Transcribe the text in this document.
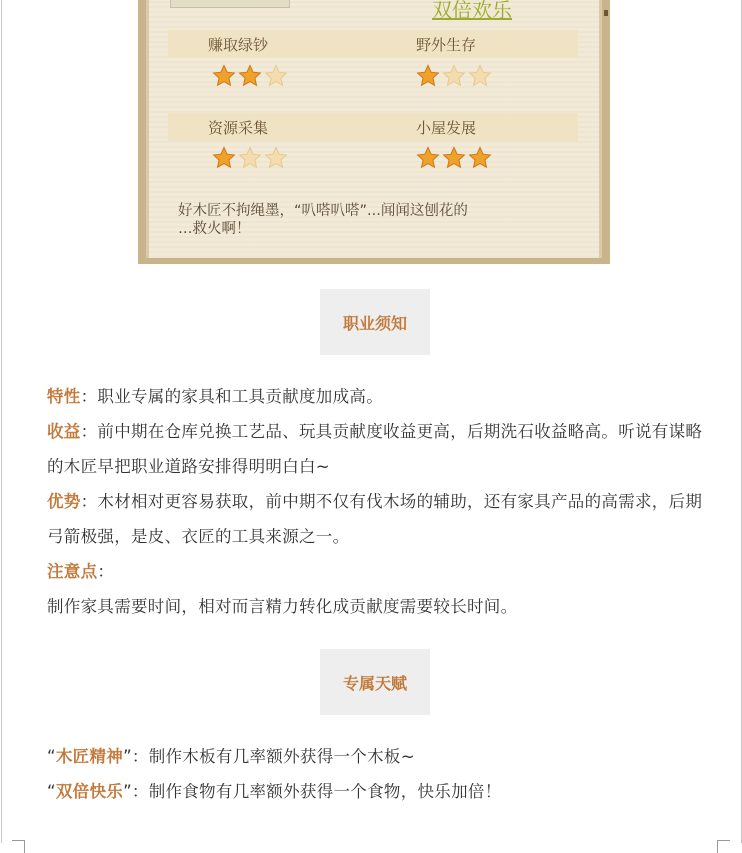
双倍欢乐
赚取绿钞	野外生存
资源采集	小屋发展
好木匠不拘绳墨，“叭嗒叭嗒”...闻闻这刨花的
…救火啊！
职业须知
特性：职业专属的家具和工具贡献度加成高。
收益：前中期在仓库兑换工艺品、玩具贡献度收益更高，后期洗石收益略高。听说有谋略的木匠早把职业道路安排得明明白白~
优势：木材相对更容易获取，前中期不仅有伐木场的辅助，还有家具产品的高需求，后期弓箭极强，是皮、衣匠的工具来源之一。
注意点：
制作家具需要时间，相对而言精力转化成贡献度需要较长时间。
专属天赋
“木匠精神”：制作木板有几率额外获得一个木板~
“双倍快乐”：制作食物有几率额外获得一个食物，快乐加倍！
